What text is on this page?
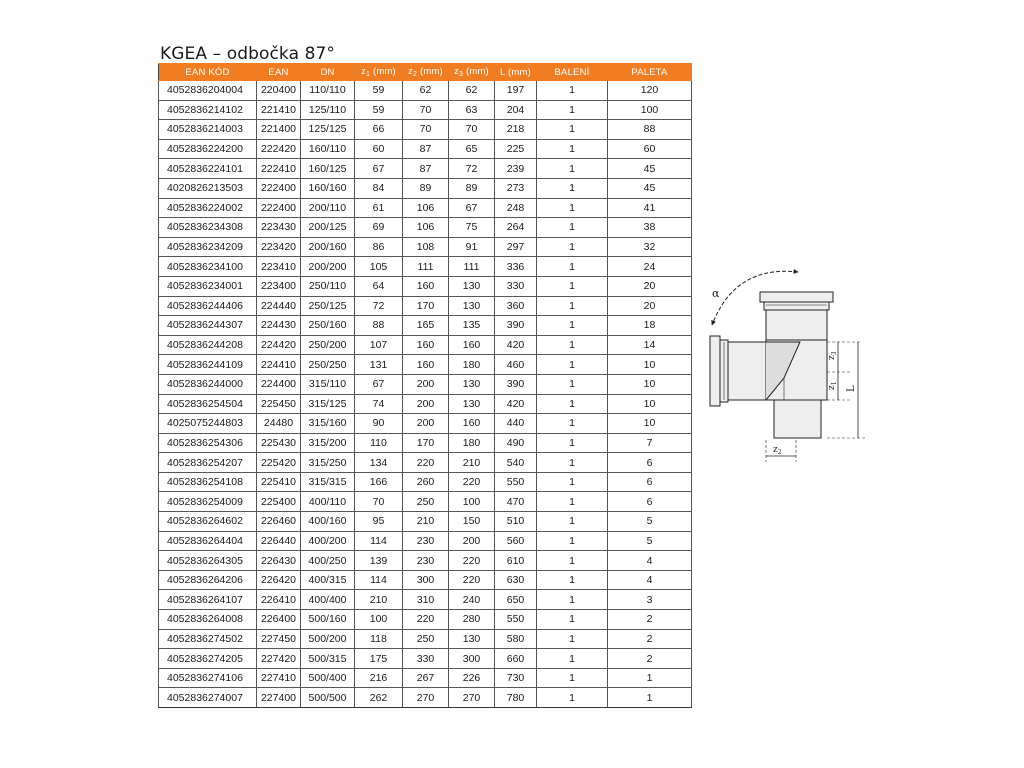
KGEA – odbočka 87°
EAN KÓD	EAN	DN	$z_1$ (mm)	$z_2$ (mm)	$z_3$ (mm)	L (mm)	BALENÍ	PALETA
4052836204004	220400	110/110	59	62	62	197	1	120
4052836214102	221410	125/110	59	70	63	204	1	100
4052836214003	221400	125/125	66	70	70	218	1	88
4052836224200	222420	160/110	60	87	65	225	1	60
4052836224101	222410	160/125	67	87	72	239	1	45
4020826213503	222400	160/160	84	89	89	273	1	45
4052836224002	222400	200/110	61	106	67	248	1	41
4052836234308	223430	200/125	69	106	75	264	1	38
4052836234209	223420	200/160	86	108	91	297	1	32
4052836234100	223410	200/200	105	111	111	336	1	24
4052836234001	223400	250/110	64	160	130	330	1	20
4052836244406	224440	250/125	72	170	130	360	1	20
4052836244307	224430	250/160	88	165	135	390	1	18
4052836244208	224420	250/200	107	160	160	420	1	14
4052836244109	224410	250/250	131	160	180	460	1	10
4052836244000	224400	315/110	67	200	130	390	1	10
4052836254504	225450	315/125	74	200	130	420	1	10
4025075244803	24480	315/160	90	200	160	440	1	10
4052836254306	225430	315/200	110	170	180	490	1	7
4052836254207	225420	315/250	134	220	210	540	1	6
4052836254108	225410	315/315	166	260	220	550	1	6
4052836254009	225400	400/110	70	250	100	470	1	6
4052836264602	226460	400/160	95	210	150	510	1	5
4052836264404	226440	400/200	114	230	200	560	1	5
4052836264305	226430	400/250	139	230	220	610	1	4
4052836264206	226420	400/315	114	300	220	630	1	4
4052836264107	226410	400/400	210	310	240	650	1	3
4052836264008	226400	500/160	100	220	280	550	1	2
4052836274502	227450	500/200	118	250	130	580	1	2
4052836274205	227420	500/315	175	330	300	660	1	2
4052836274106	227410	500/400	216	267	226	730	1	1
4052836274007	227400	500/500	262	270	270	780	1	1
α
$z_3$
$z_1$
L
$z_2$
